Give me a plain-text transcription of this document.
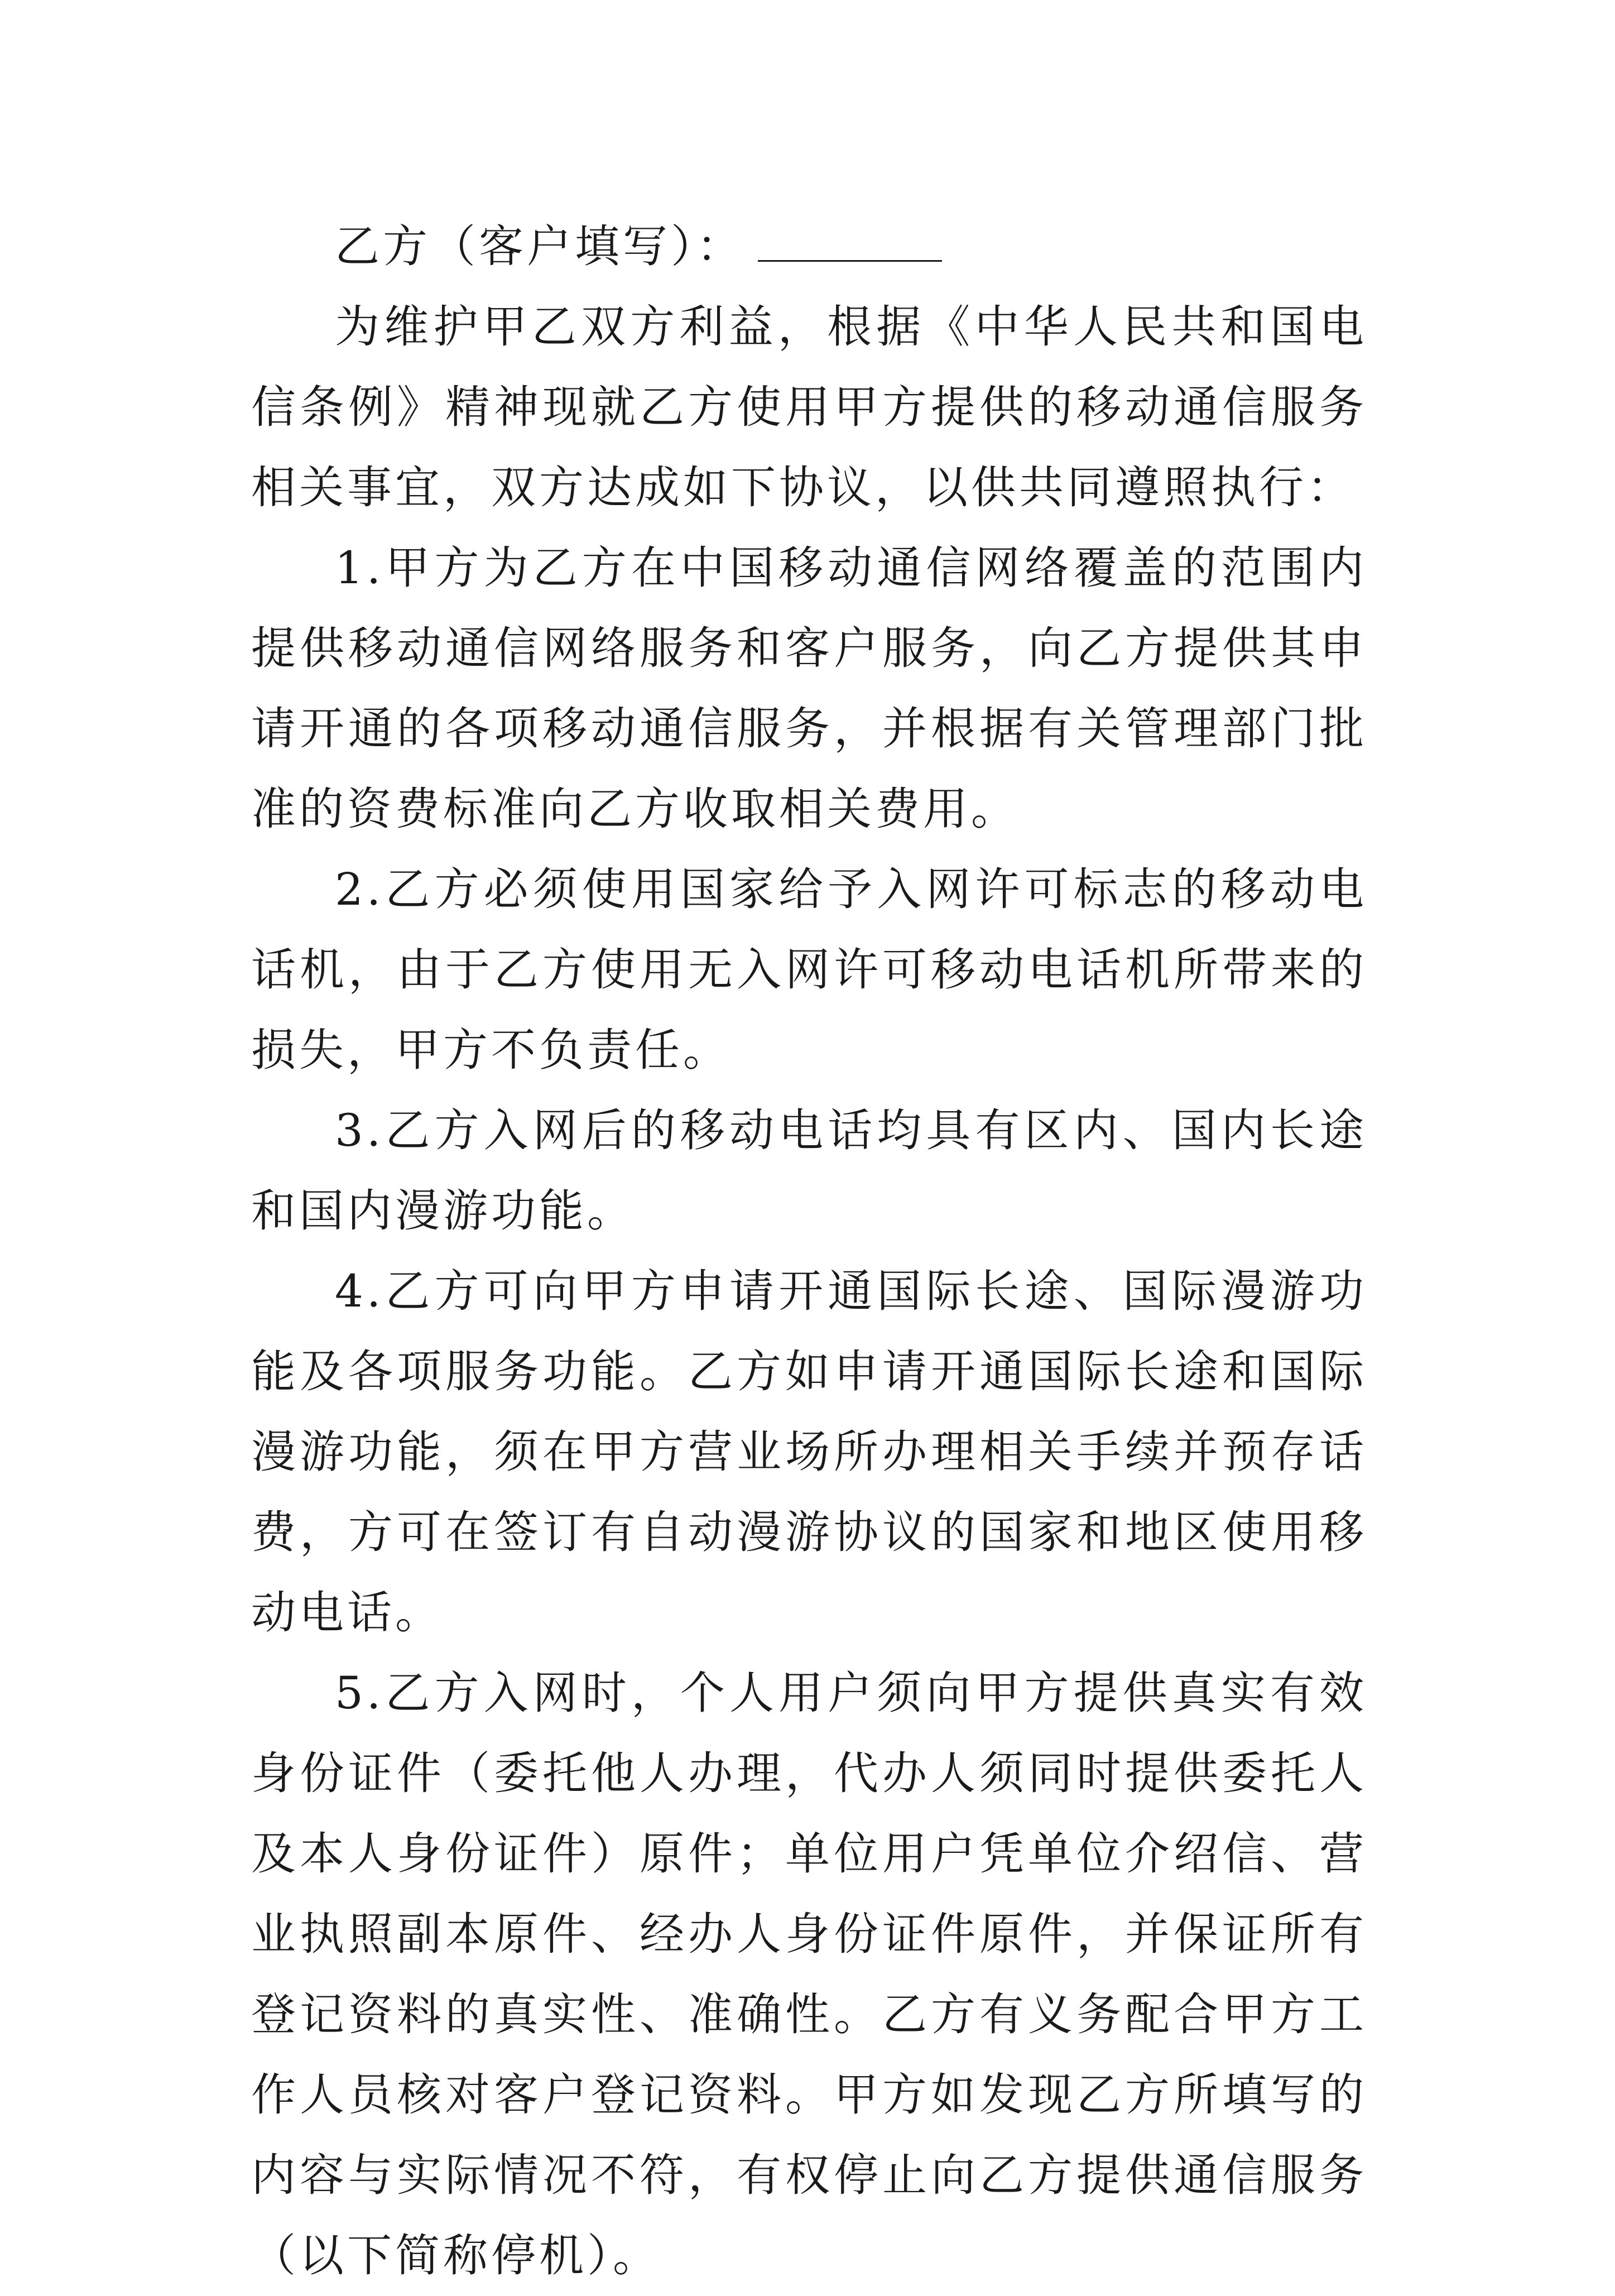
乙方（客户填写）：

为维护甲乙双方利益，根据《中华人民共和国电信条例》精神现就乙方使用甲方提供的移动通信服务相关事宜，双方达成如下协议，以供共同遵照执行：

1.甲方为乙方在中国移动通信网络覆盖的范围内提供移动通信网络服务和客户服务，向乙方提供其申请开通的各项移动通信服务，并根据有关管理部门批准的资费标准向乙方收取相关费用。

2.乙方必须使用国家给予入网许可标志的移动电话机，由于乙方使用无入网许可移动电话机所带来的损失，甲方不负责任。

3.乙方入网后的移动电话均具有区内、国内长途和国内漫游功能。

4.乙方可向甲方申请开通国际长途、国际漫游功能及各项服务功能。乙方如申请开通国际长途和国际漫游功能，须在甲方营业场所办理相关手续并预存话费，方可在签订有自动漫游协议的国家和地区使用移动电话。

5.乙方入网时，个人用户须向甲方提供真实有效身份证件（委托他人办理，代办人须同时提供委托人及本人身份证件）原件；单位用户凭单位介绍信、营业执照副本原件、经办人身份证件原件，并保证所有登记资料的真实性、准确性。乙方有义务配合甲方工作人员核对客户登记资料。甲方如发现乙方所填写的内容与实际情况不符，有权停止向乙方提供通信服务（以下简称停机）。
